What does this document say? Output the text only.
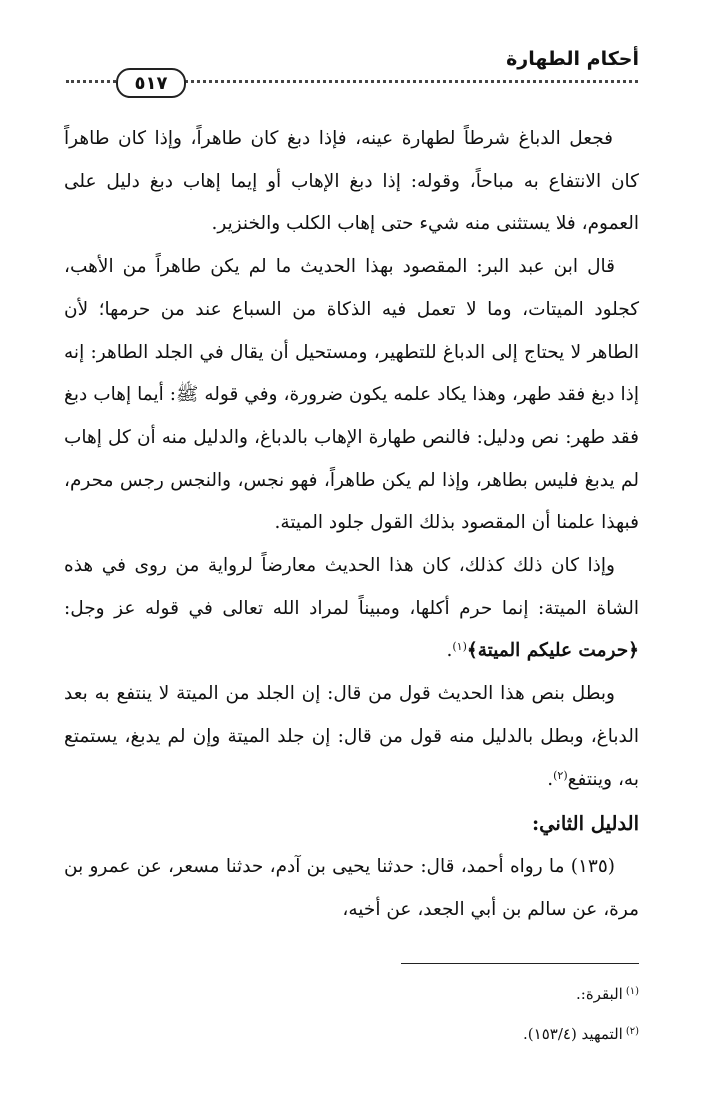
أحكام الطهارة
٥١٧

فجعل الدباغ شرطاً لطهارة عينه، فإذا دبغ كان طاهراً، وإذا كان طاهراً كان الانتفاع به مباحاً، وقوله: إذا دبغ الإهاب أو إيما إهاب دبغ دليل على العموم، فلا يستثنى منه شيء حتى إهاب الكلب والخنزير.

قال ابن عبد البر: المقصود بهذا الحديث ما لم يكن طاهراً من الأهب، كجلود الميتات، وما لا تعمل فيه الذكاة من السباع عند من حرمها؛ لأن الطاهر لا يحتاج إلى الدباغ للتطهير، ومستحيل أن يقال في الجلد الطاهر: إنه إذا دبغ فقد طهر، وهذا يكاد علمه يكون ضرورة، وفي قوله ﷺ: أيما إهاب دبغ فقد طهر: نص ودليل: فالنص طهارة الإهاب بالدباغ، والدليل منه أن كل إهاب لم يدبغ فليس بطاهر، وإذا لم يكن طاهراً، فهو نجس، والنجس رجس محرم، فبهذا علمنا أن المقصود بذلك القول جلود الميتة.

وإذا كان ذلك كذلك، كان هذا الحديث معارضاً لرواية من روى في هذه الشاة الميتة: إنما حرم أكلها، ومبيناً لمراد الله تعالى في قوله عز وجل: ﴿حرمت عليكم الميتة﴾$^{(١)}$.

وبطل بنص هذا الحديث قول من قال: إن الجلد من الميتة لا ينتفع به بعد الدباغ، وبطل بالدليل منه قول من قال: إن جلد الميتة وإن لم يدبغ، يستمتع به، وينتفع$^{(٢)}$.

الدليل الثاني:

(١٣٥) ما رواه أحمد، قال: حدثنا يحيى بن آدم، حدثنا مسعر، عن عمرو بن مرة، عن سالم بن أبي الجعد، عن أخيه،

$^{(١)}$البقرة:.
$^{(٢)}$التمهيد (١٥٣/٤).
